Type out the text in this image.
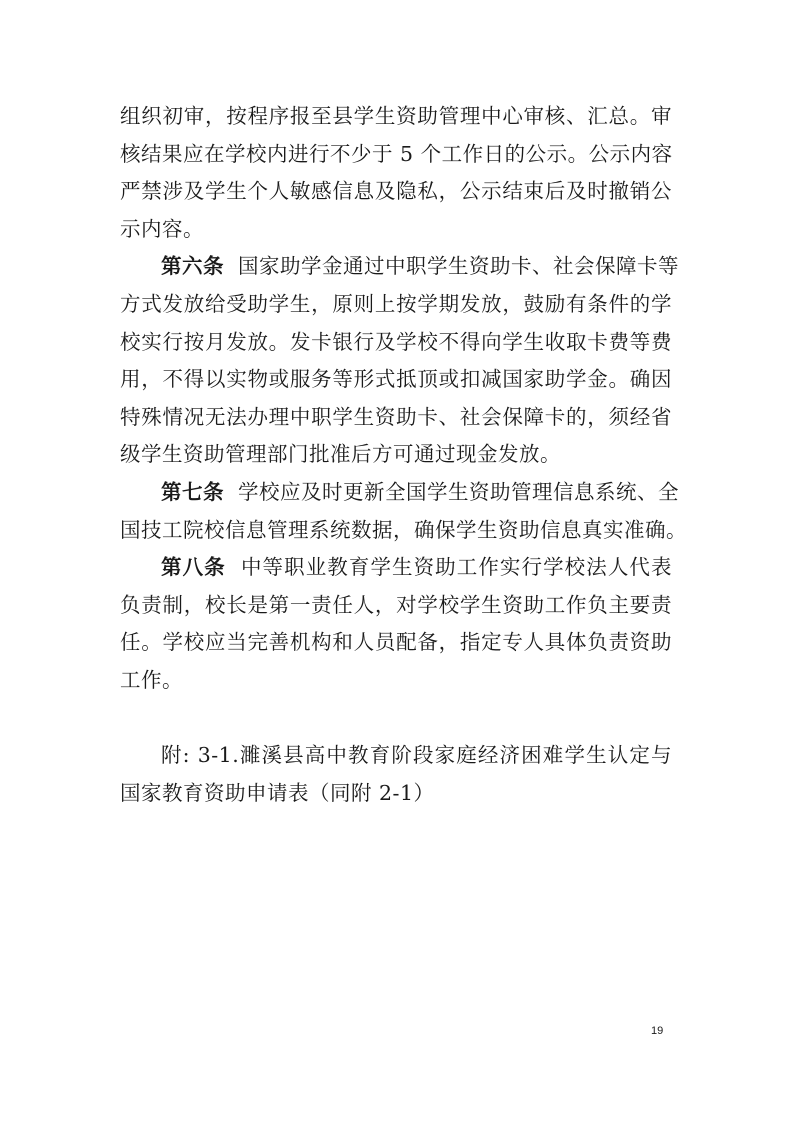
组织初审，按程序报至县学生资助管理中心审核、汇总。审
核结果应在学校内进行不少于 5 个工作日的公示。公示内容
严禁涉及学生个人敏感信息及隐私，公示结束后及时撤销公
示内容。
第六条 国家助学金通过中职学生资助卡、社会保障卡等
方式发放给受助学生，原则上按学期发放，鼓励有条件的学
校实行按月发放。发卡银行及学校不得向学生收取卡费等费
用，不得以实物或服务等形式抵顶或扣减国家助学金。确因
特殊情况无法办理中职学生资助卡、社会保障卡的，须经省
级学生资助管理部门批准后方可通过现金发放。
第七条 学校应及时更新全国学生资助管理信息系统、全
国技工院校信息管理系统数据，确保学生资助信息真实准确。
第八条 中等职业教育学生资助工作实行学校法人代表
负责制，校长是第一责任人，对学校学生资助工作负主要责
任。学校应当完善机构和人员配备，指定专人具体负责资助
工作。
附: 3-1.濉溪县高中教育阶段家庭经济困难学生认定与
国家教育资助申请表（同附 2-1）
19
